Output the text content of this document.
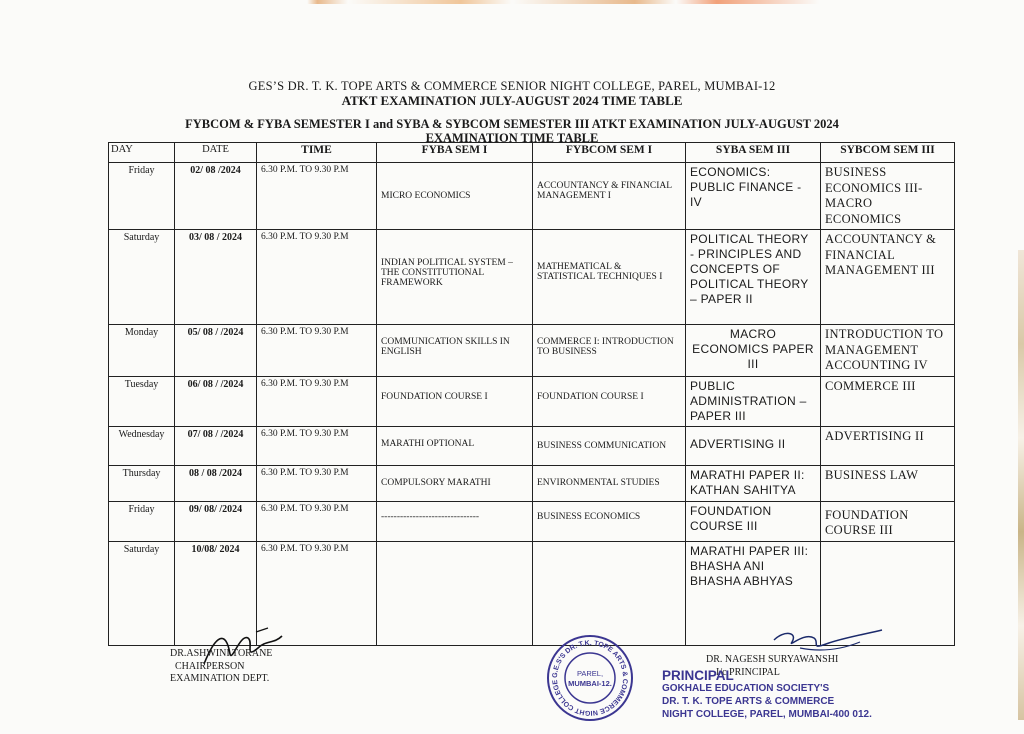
GES’S DR. T. K. TOPE ARTS & COMMERCE SENIOR NIGHT COLLEGE, PAREL, MUMBAI-12
ATKT EXAMINATION JULY-AUGUST 2024 TIME TABLE
FYBCOM & FYBA SEMESTER I and SYBA & SYBCOM SEMESTER III ATKT EXAMINATION JULY-AUGUST 2024
EXAMINATION TIME TABLE
DAY	DATE	TIME	FYBA SEM I	FYBCOM SEM I	SYBA SEM III	SYBCOM SEM III
Friday	02/ 08 /2024	6.30 P.M. TO 9.30 P.M	MICRO ECONOMICS	ACCOUNTANCY & FINANCIAL MANAGEMENT I	ECONOMICS: PUBLIC FINANCE - IV	BUSINESS ECONOMICS III- MACRO ECONOMICS
Saturday	03/ 08 / 2024	6.30 P.M. TO 9.30 P.M	INDIAN POLITICAL SYSTEM – THE CONSTITUTIONAL FRAMEWORK	MATHEMATICAL & STATISTICAL TECHNIQUES I	POLITICAL THEORY - PRINCIPLES AND CONCEPTS OF POLITICAL THEORY – PAPER II	ACCOUNTANCY & FINANCIAL MANAGEMENT III
Monday	05/ 08 / /2024	6.30 P.M. TO 9.30 P.M	COMMUNICATION SKILLS IN ENGLISH	COMMERCE I: INTRODUCTION TO BUSINESS	MACRO ECONOMICS PAPER III	INTRODUCTION TO MANAGEMENT ACCOUNTING IV
Tuesday	06/ 08 / /2024	6.30 P.M. TO 9.30 P.M	FOUNDATION COURSE I	FOUNDATION COURSE I	PUBLIC ADMINISTRATION – PAPER III	COMMERCE III
Wednesday	07/ 08 / /2024	6.30 P.M. TO 9.30 P.M	MARATHI OPTIONAL	BUSINESS COMMUNICATION	ADVERTISING II	ADVERTISING II
Thursday	08 / 08 /2024	6.30 P.M. TO 9.30 P.M	COMPULSORY MARATHI	ENVIRONMENTAL STUDIES	MARATHI PAPER II: KATHAN SAHITYA	BUSINESS LAW
Friday	09/ 08/ /2024	6.30 P.M. TO 9.30 P.M	-------------------------------	BUSINESS ECONOMICS	FOUNDATION COURSE III	FOUNDATION COURSE III

Saturday	10/08/ 2024	6.30 P.M. TO 9.30 P.M			MARATHI PAPER III: BHASHA ANI BHASHA ABHYAS	
DR.ASHWINI TORANE
CHAIRPERSON
EXAMINATION DEPT.	G.E.S'S DR. T.K. TOPE ARTS & COMMERCE NIGHT COLLEGE
PAREL,
MUMBAI-12.
DR. NAGESH SURYAWANSHI
I/c PRINCIPAL
PRINCIPAL
GOKHALE EDUCATION SOCIETY'S
DR. T. K. TOPE ARTS & COMMERCE
NIGHT COLLEGE, PAREL, MUMBAI-400 012.
